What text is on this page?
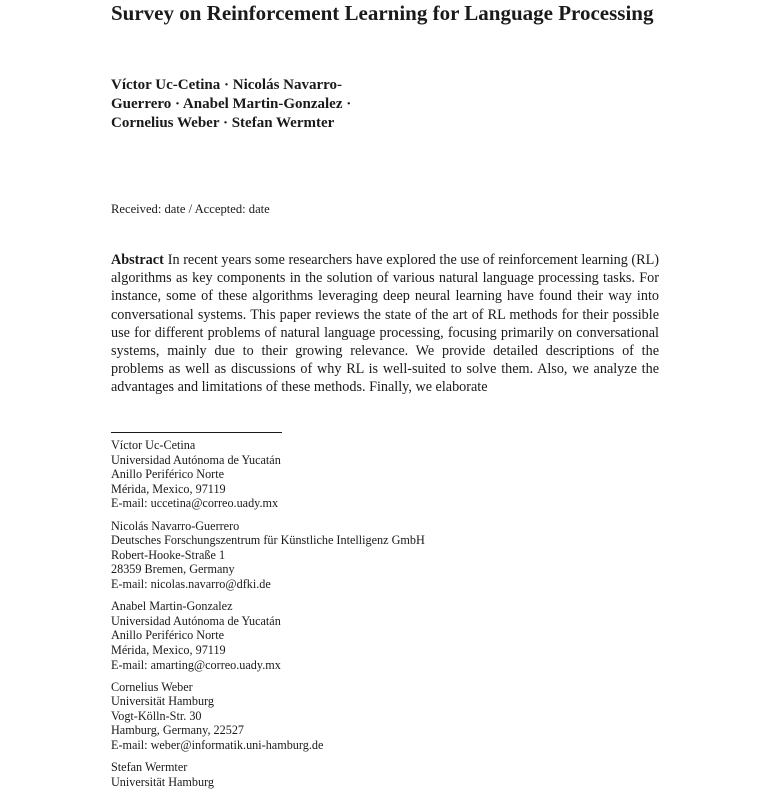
Survey on Reinforcement Learning for Language Processing
Víctor Uc-Cetina · Nicolás Navarro-
Guerrero · Anabel Martin-Gonzalez ·
Cornelius Weber · Stefan Wermter
Received: date / Accepted: date

Abstract In recent years some researchers have explored the use of reinforcement learning (RL) algorithms as key components in the solution of various natural language processing tasks. For instance, some of these algorithms leveraging deep neural learning have found their way into conversational systems. This paper reviews the state of the art of RL methods for their possible use for different problems of natural language processing, focusing primarily on conversational systems, mainly due to their growing relevance. We provide detailed descriptions of the problems as well as discussions of why RL is well-suited to solve them. Also, we analyze the advantages and limitations of these methods. Finally, we elaborate

Víctor Uc-Cetina
Universidad Autónoma de Yucatán
Anillo Periférico Norte
Mérida, Mexico, 97119
E-mail: uccetina@correo.uady.mx
Nicolás Navarro-Guerrero
Deutsches Forschungszentrum für Künstliche Intelligenz GmbH
Robert-Hooke-Straße 1
28359 Bremen, Germany
E-mail: nicolas.navarro@dfki.de
Anabel Martin-Gonzalez
Universidad Autónoma de Yucatán
Anillo Periférico Norte
Mérida, Mexico, 97119
E-mail: amarting@correo.uady.mx
Cornelius Weber
Universität Hamburg
Vogt-Kölln-Str. 30
Hamburg, Germany, 22527
E-mail: weber@informatik.uni-hamburg.de
Stefan Wermter
Universität Hamburg
